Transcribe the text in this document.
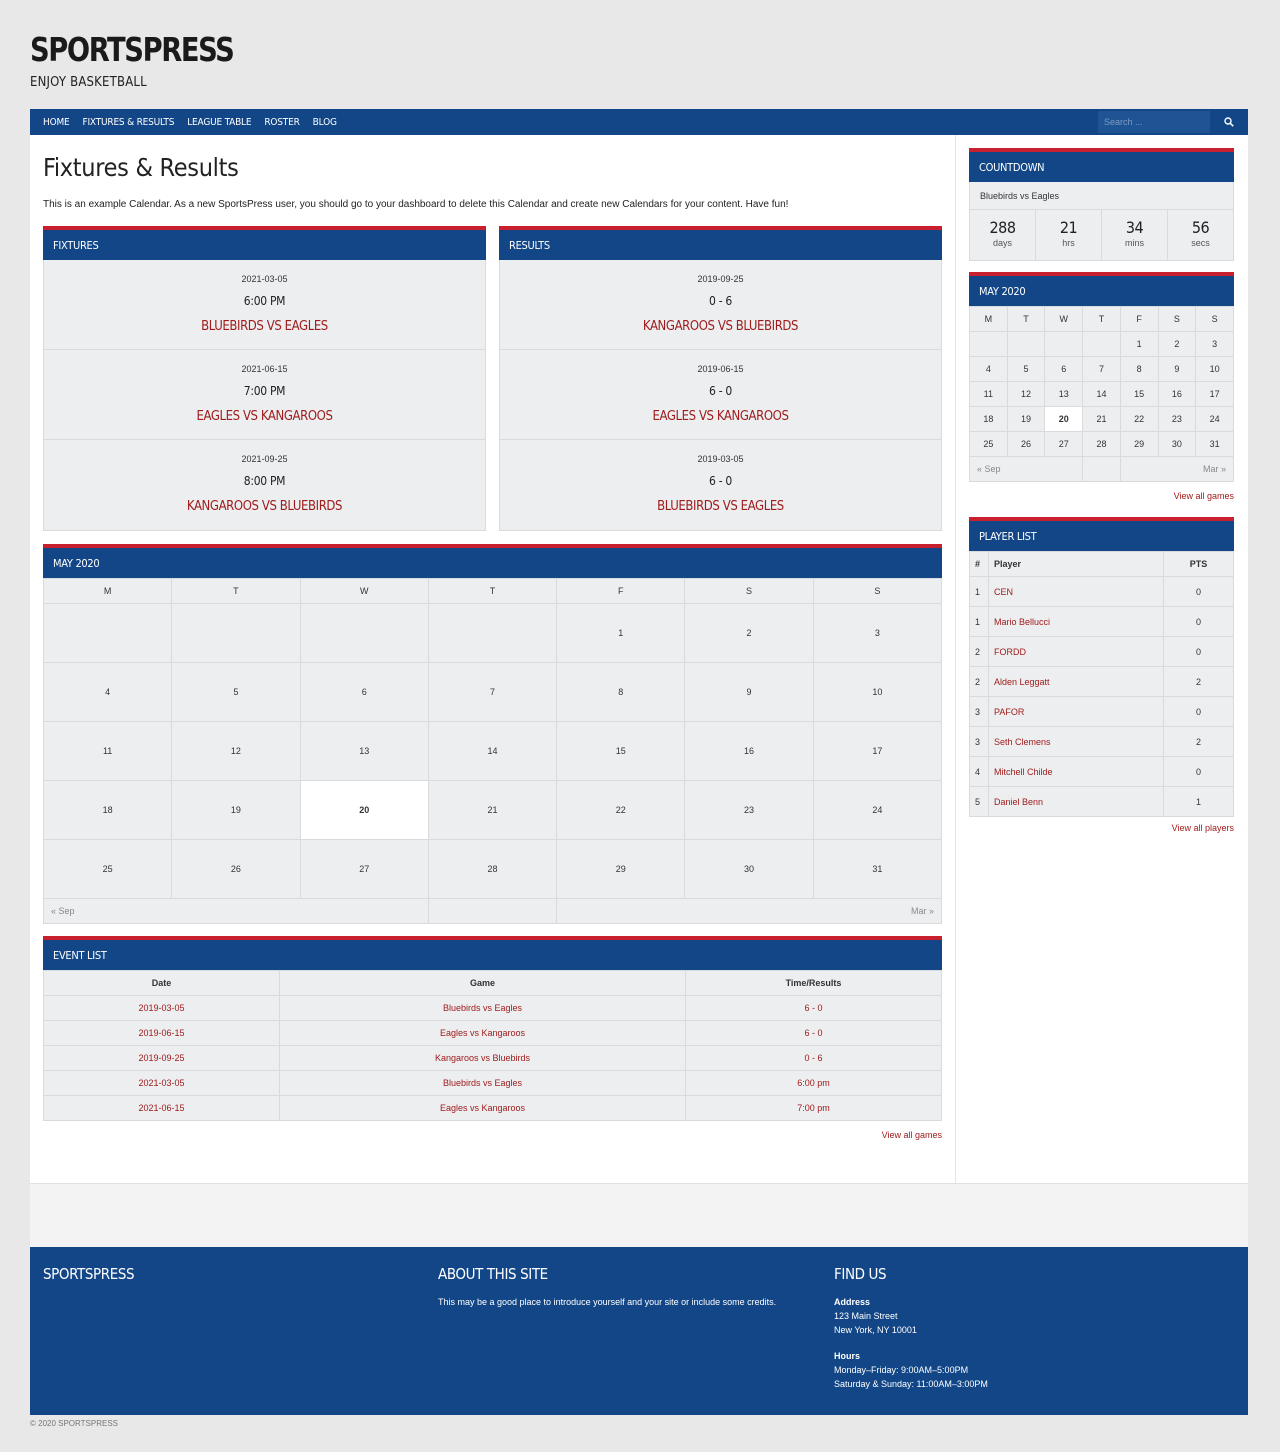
SPORTSPRESS
ENJOY BASKETBALL
HOME FIXTURES & RESULTS LEAGUE TABLE ROSTER BLOG
Search ...
Fixtures & Results

This is an example Calendar. As a new SportsPress user, you should go to your dashboard to delete this Calendar and create new Calendars for your content. Have fun!

FIXTURES
2021-03-05
6:00 PM
BLUEBIRDS VS EAGLES
2021-06-15
7:00 PM
EAGLES VS KANGAROOS
2021-09-25
8:00 PM
KANGAROOS VS BLUEBIRDS
RESULTS
2019-09-25
0 - 6
KANGAROOS VS BLUEBIRDS
2019-06-15
6 - 0
EAGLES VS KANGAROOS
2019-03-05
6 - 0
BLUEBIRDS VS EAGLES
MAY 2020
M	T	W	T	F	S	S
				1	2	3
4	5	6	7	8	9	10
11	12	13	14	15	16	17
18	19	20	21	22	23	24
25	26	27	28	29	30	31
« Sep				Mar »		
EVENT LIST
Date	Game	Time/Results
2019-03-05	Bluebirds vs Eagles	6 - 0
2019-06-15	Eagles vs Kangaroos	6 - 0
2019-09-25	Kangaroos vs Bluebirds	0 - 6
2021-03-05	Bluebirds vs Eagles	6:00 pm
2021-06-15	Eagles vs Kangaroos	7:00 pm
View all games
COUNTDOWN
Bluebirds vs Eagles
288
days
21
hrs
34
mins
56
secs
MAY 2020
M	T	W	T	F	S	S
				1	2	3
4	5	6	7	8	9	10
11	12	13	14	15	16	17
18	19	20	21	22	23	24
25	26	27	28	29	30	31
« Sep				Mar »		
View all games
PLAYER LIST
#	Player	PTS
1	CEN	0
1	Mario Bellucci	0
2	FORDD	0
2	Alden Leggatt	2
3	PAFOR	0
3	Seth Clemens	2
4	Mitchell Childe	0
5	Daniel Benn	1
View all players
SPORTSPRESS	ABOUT THIS SITE

This may be a good place to introduce yourself and your site or include some credits.

FIND US

Address

123 Main Street

New York, NY 10001

Hours

Monday–Friday: 9:00AM–5:00PM

Saturday & Sunday: 11:00AM–3:00PM

© 2020 SPORTSPRESS
